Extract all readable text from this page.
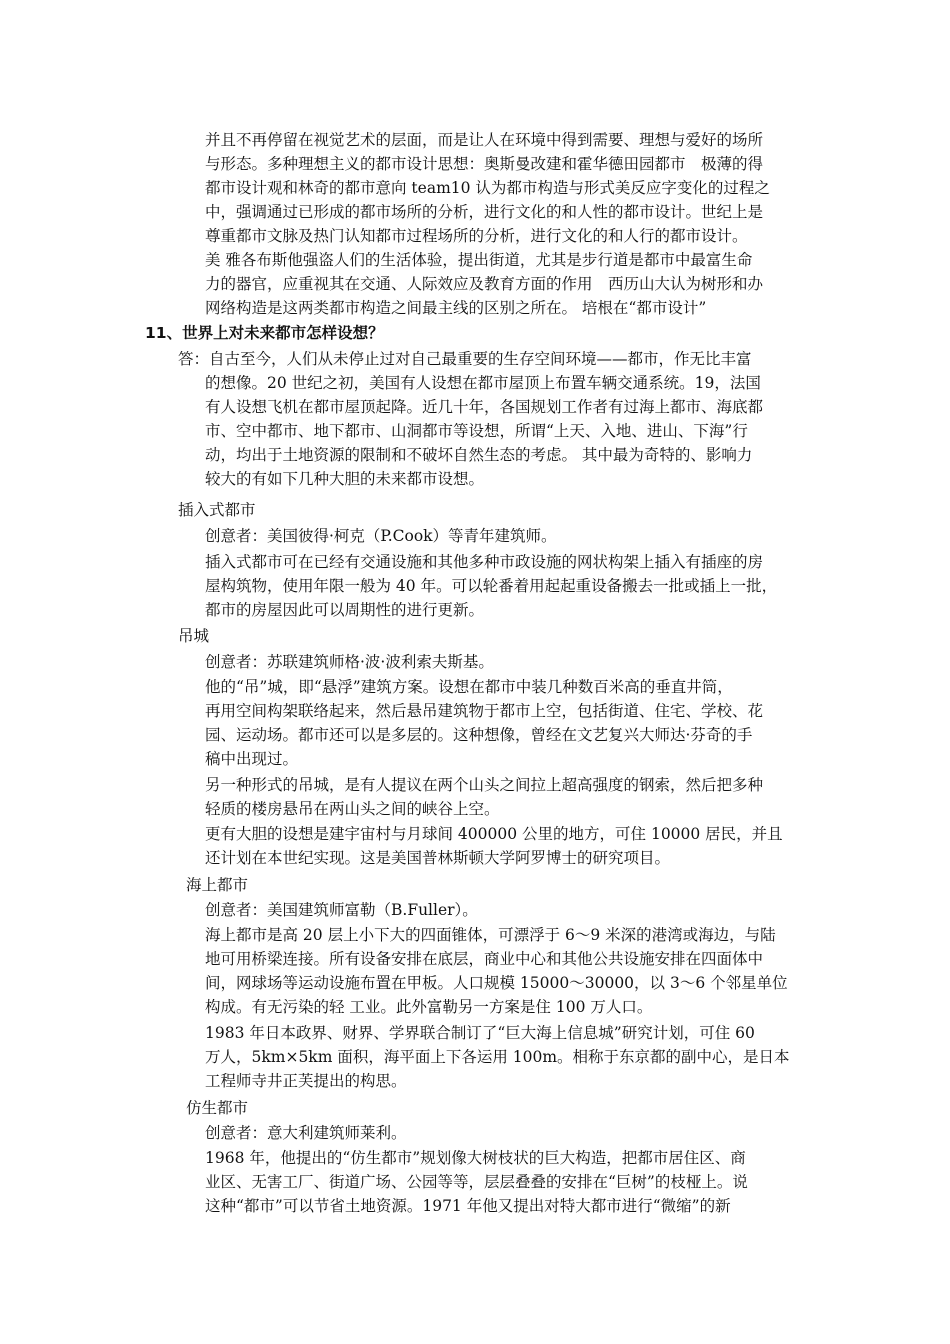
并且不再停留在视觉艺术的层面，而是让人在环境中得到需要、理想与爱好的场所
与形态。多种理想主义的都市设计思想：奥斯曼改建和霍华德田园都市　极薄的得
都市设计观和林奇的都市意向 team10 认为都市构造与形式美反应字变化的过程之
中，强调通过已形成的都市场所的分析，进行文化的和人性的都市设计。世纪上是
尊重都市文脉及热门认知都市过程场所的分析，进行文化的和人行的都市设计。
美 雅各布斯他强盗人们的生活体验，提出街道，尤其是步行道是都市中最富生命
力的器官，应重视其在交通、人际效应及教育方面的作用　西历山大认为树形和办
网络构造是这两类都市构造之间最主线的区别之所在。 培根在“都市设计”
11、世界上对未来都市怎样设想？
答：自古至今，人们从未停止过对自己最重要的生存空间环境——都市，作无比丰富
的想像。20 世纪之初，美国有人设想在都市屋顶上布置车辆交通系统。19，法国
有人设想飞机在都市屋顶起降。近几十年，各国规划工作者有过海上都市、海底都
市、空中都市、地下都市、山洞都市等设想，所谓“上天、入地、进山、下海”行
动，均出于土地资源的限制和不破坏自然生态的考虑。 其中最为奇特的、影响力
较大的有如下几种大胆的未来都市设想。
插入式都市
创意者：美国彼得·柯克（P.Cook）等青年建筑师。
插入式都市可在已经有交通设施和其他多种市政设施的网状构架上插入有插座的房
屋构筑物，使用年限一般为 40 年。可以轮番着用起起重设备搬去一批或插上一批，
都市的房屋因此可以周期性的进行更新。
吊城
创意者：苏联建筑师格·波·波利索夫斯基。
他的“吊”城，即“悬浮”建筑方案。设想在都市中装几种数百米高的垂直井筒，
再用空间构架联络起来，然后悬吊建筑物于都市上空，包括街道、住宅、学校、花
园、运动场。都市还可以是多层的。这种想像，曾经在文艺复兴大师达·芬奇的手
稿中出现过。
另一种形式的吊城，是有人提议在两个山头之间拉上超高强度的钢索，然后把多种
轻质的楼房悬吊在两山头之间的峡谷上空。
更有大胆的设想是建宇宙村与月球间 400000 公里的地方，可住 10000 居民，并且
还计划在本世纪实现。这是美国普林斯顿大学阿罗博士的研究项目。
海上都市
创意者：美国建筑师富勒（B.Fuller）。
海上都市是高 20 层上小下大的四面锥体，可漂浮于 6～9 米深的港湾或海边，与陆
地可用桥梁连接。所有设备安排在底层，商业中心和其他公共设施安排在四面体中
间，网球场等运动设施布置在甲板。人口规模 15000～30000，以 3～6 个邻星单位
构成。有无污染的轻 工业。此外富勒另一方案是住 100 万人口。
1983 年日本政界、财界、学界联合制订了“巨大海上信息城”研究计划，可住 60
万人，5km×5km 面积，海平面上下各运用 100m。相称于东京都的副中心，是日本
工程师寺井正芙提出的构思。
仿生都市
创意者：意大利建筑师莱利。
1968 年，他提出的“仿生都市”规划像大树枝状的巨大构造，把都市居住区、商
业区、无害工厂、街道广场、公园等等，层层叠叠的安排在“巨树”的枝桠上。说
这种“都市”可以节省土地资源。1971 年他又提出对特大都市进行“微缩”的新
